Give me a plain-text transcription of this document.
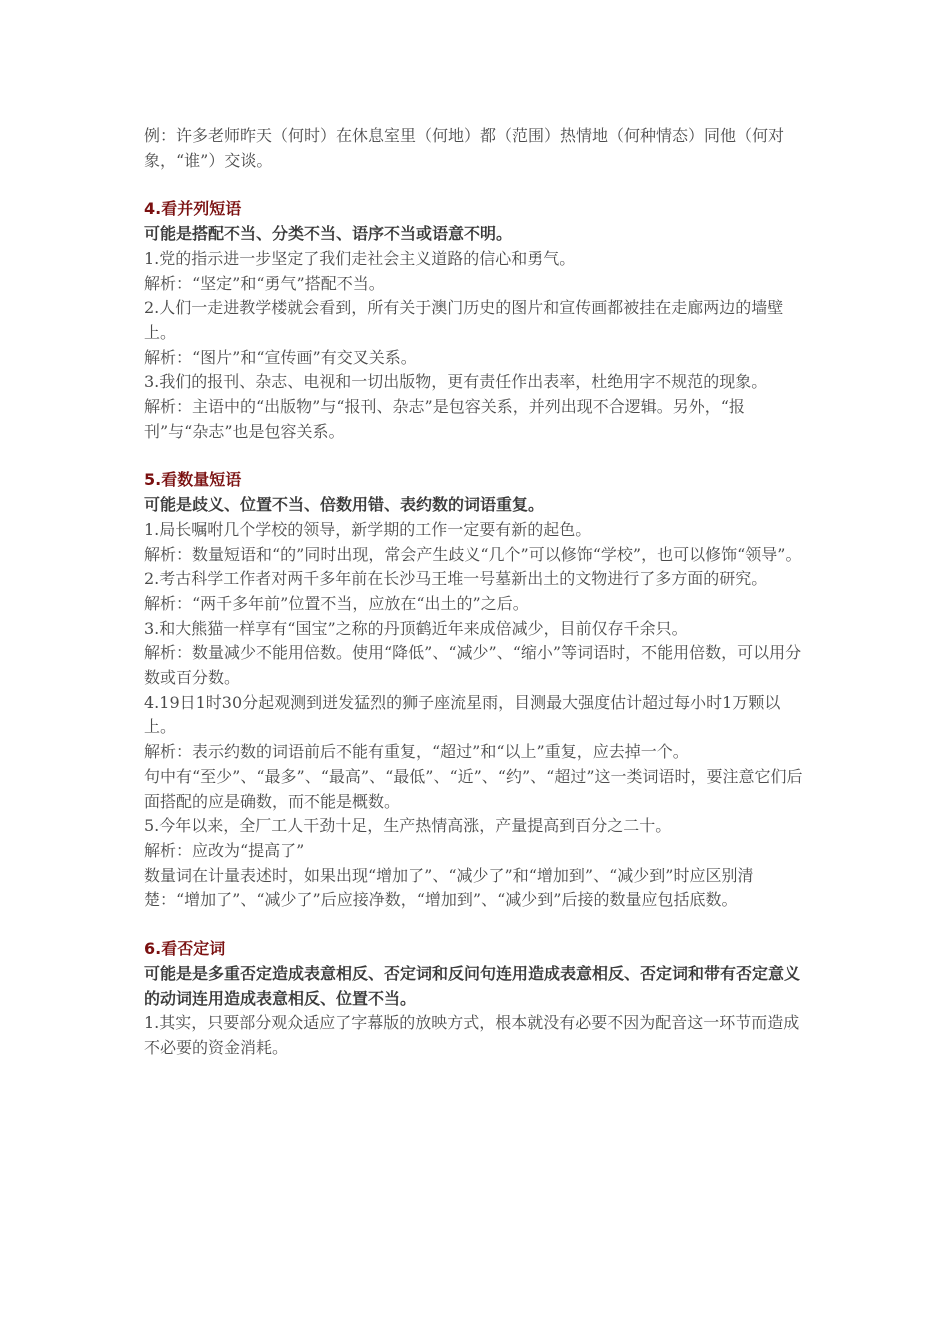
例：许多老师昨天（何时）在休息室里（何地）都（范围）热情地（何种情态）同他（何对象，“谁”）交谈。

4.看并列短语

可能是搭配不当、分类不当、语序不当或语意不明。

1.党的指示进一步坚定了我们走社会主义道路的信心和勇气。

解析：“坚定”和“勇气”搭配不当。

2.人们一走进教学楼就会看到，所有关于澳门历史的图片和宣传画都被挂在走廊两边的墙壁上。

解析：“图片”和“宣传画”有交叉关系。

3.我们的报刊、杂志、电视和一切出版物，更有责任作出表率，杜绝用字不规范的现象。

解析：主语中的“出版物”与“报刊、杂志”是包容关系，并列出现不合逻辑。另外，“报刊”与“杂志”也是包容关系。

5.看数量短语

可能是歧义、位置不当、倍数用错、表约数的词语重复。

1.局长嘱咐几个学校的领导，新学期的工作一定要有新的起色。

解析：数量短语和“的”同时出现，常会产生歧义“几个”可以修饰“学校”，也可以修饰“领导”。

2.考古科学工作者对两千多年前在长沙马王堆一号墓新出土的文物进行了多方面的研究。

解析：“两千多年前”位置不当，应放在“出土的”之后。

3.和大熊猫一样享有“国宝”之称的丹顶鹤近年来成倍减少，目前仅存千余只。

解析：数量减少不能用倍数。使用“降低”、“减少”、“缩小”等词语时，不能用倍数，可以用分数或百分数。

4.19日1时30分起观测到迸发猛烈的狮子座流星雨，目测最大强度估计超过每小时1万颗以上。

解析：表示约数的词语前后不能有重复，“超过”和“以上”重复，应去掉一个。

句中有“至少”、“最多”、“最高”、“最低”、“近”、“约”、“超过”这一类词语时，要注意它们后面搭配的应是确数，而不能是概数。

5.今年以来，全厂工人干劲十足，生产热情高涨，产量提高到百分之二十。

解析：应改为“提高了”

数量词在计量表述时，如果出现“增加了”、“减少了”和“增加到”、“减少到”时应区别清楚：“增加了”、“减少了”后应接净数，“增加到”、“减少到”后接的数量应包括底数。

6.看否定词

可能是是多重否定造成表意相反、否定词和反问句连用造成表意相反、否定词和带有否定意义的动词连用造成表意相反、位置不当。

1.其实，只要部分观众适应了字幕版的放映方式，根本就没有必要不因为配音这一环节而造成不必要的资金消耗。
